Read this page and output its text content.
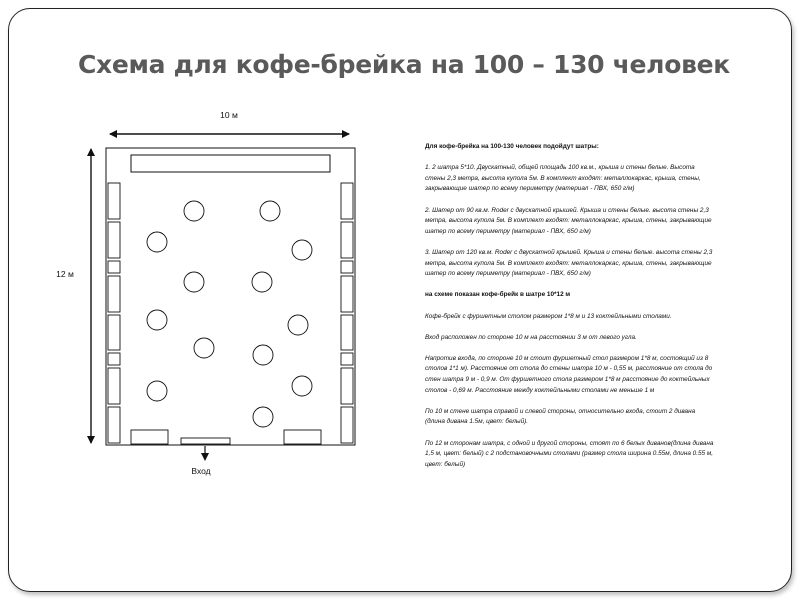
Схема для кофе-брейка на 100 – 130 человек
10 м
12 м
Вход

Для кофе-брейка на 100-130 человек подойдут шатры:

1. 2 шатра 5*10. Двускатный, общей площадь 100 кв.м., крыша и стены белые. Высота стены 2,3 метра, высота купола 5м. В комплект входят: металлокаркас, крыша, стены, закрывающие шатер по всему периметру (материал - ПВХ, 650 г/м)

2. Шатер от 90 кв.м. Roder с двускатной крышей. Крыша и стены белые. высота стены 2,3 метра, высота купола 5м. В комплект входят: металлокаркас, крыша, стены, закрывающие шатер по всему периметру (материал - ПВХ, 650 г/м)

3. Шатер от 120 кв.м. Roder с двускатной крышей. Крыша и стены белые. высота стены 2,3 метра, высота купола 5м. В комплект входят: металлокаркас, крыша, стены, закрывающие шатер по всему периметру (материал - ПВХ, 650 г/м)

на схеме показан кофе-брейк в шатре 10*12 м

Кофе-брейк с фуршетным столом размером 1*8 м и 13 коктейльными столами.

Вход расположен по стороне 10 м на расстоянии 3 м от левого угла.

Напротив входа, по стороне 10 м стоит фуршетный стол размером 1*8 м, состоящий из 8 столов 1*1 м). Расстояние от стола до стены шатра 10 м - 0,55 м, расстояние от стола до стен шатра 9 м - 0,9 м. От фуршетного стола размером 1*8 м расстояние до коктейльных столов - 0,69 м. Расстояние между коктейльными столами не меньше 1 м

По 10 м стене шатра справой и слевой стороны, относительно входа, стоит 2 дивана (длина дивана 1.5м, цвет: белый).

По 12 м сторонам шатра, с одной и другой стороны, стоят по 6 белых диванов(длина дивана 1,5 м, цвет: белый) с 2 подстановочными столами (размер стола ширина 0.55м, длина 0.55 м, цвет: белый)
